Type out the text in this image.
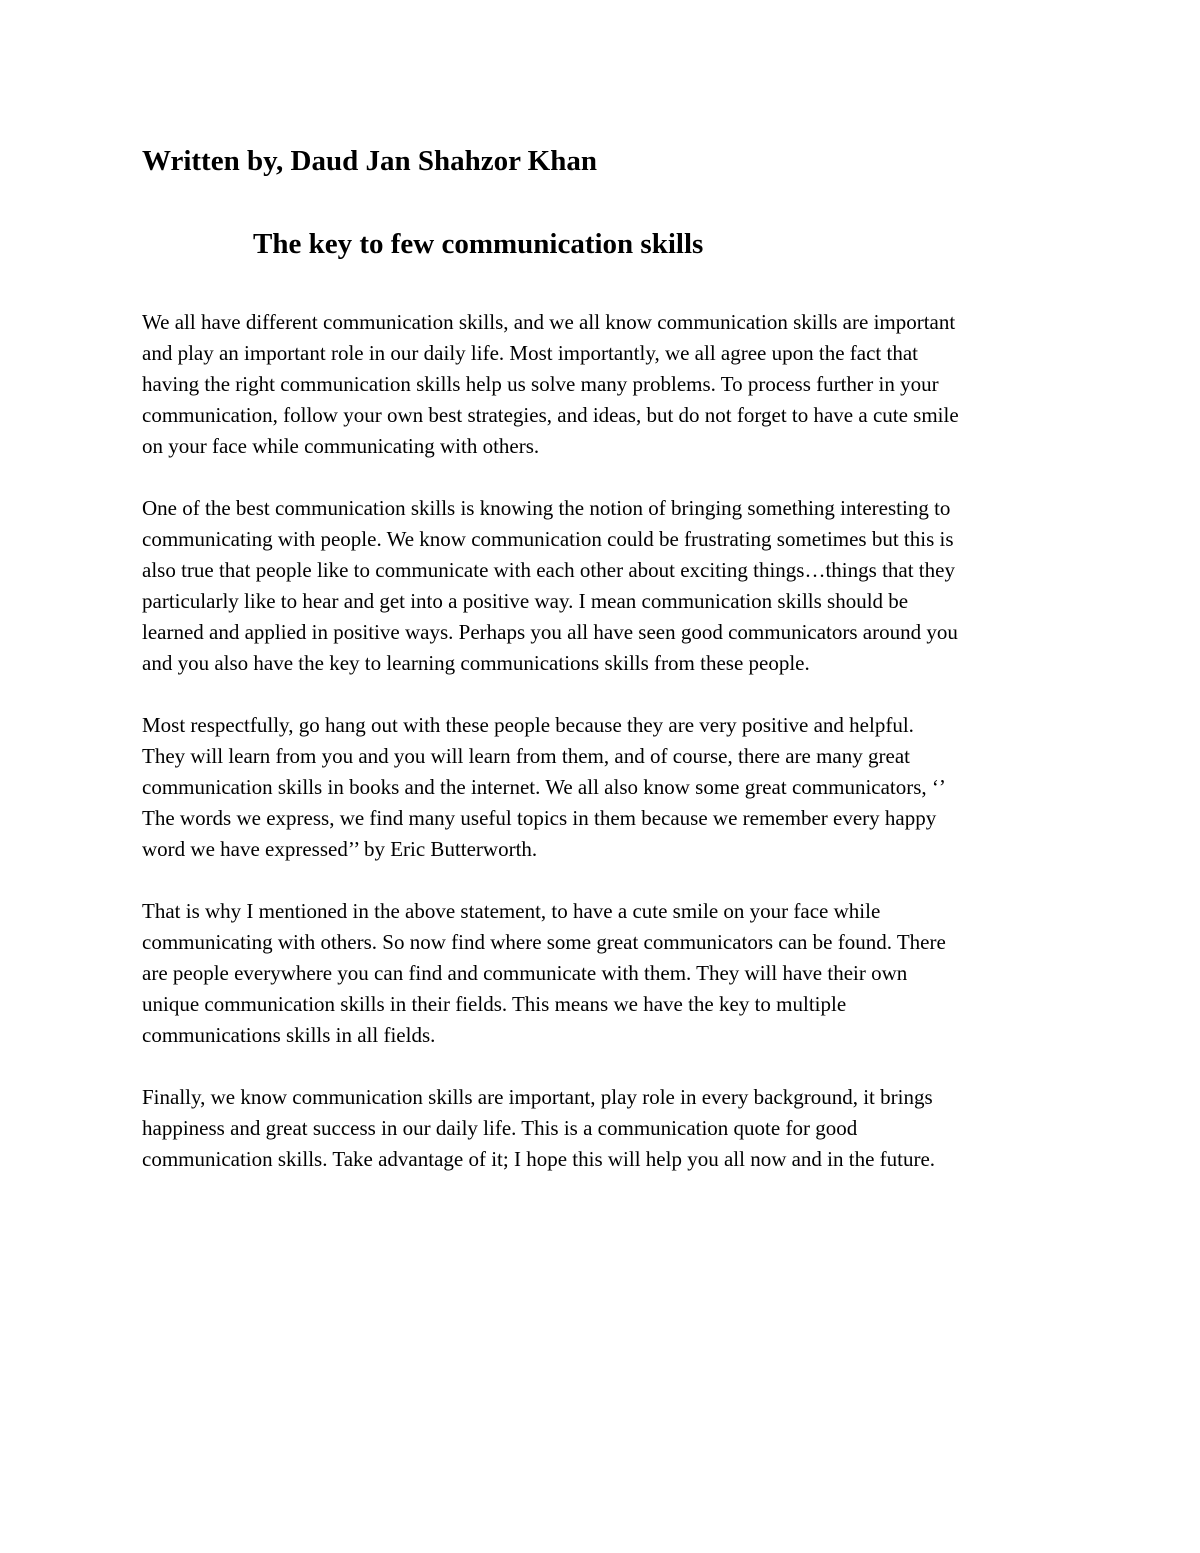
Written by, Daud Jan Shahzor Khan
The key to few communication skills

We all have different communication skills, and we all know communication skills are important
and play an important role in our daily life. Most importantly, we all agree upon the fact that
having the right communication skills help us solve many problems. To process further in your
communication, follow your own best strategies, and ideas, but do not forget to have a cute smile
on your face while communicating with others.

One of the best communication skills is knowing the notion of bringing something interesting to
communicating with people. We know communication could be frustrating sometimes but this is
also true that people like to communicate with each other about exciting things…things that they
particularly like to hear and get into a positive way. I mean communication skills should be
learned and applied in positive ways. Perhaps you all have seen good communicators around you
and you also have the key to learning communications skills from these people.

Most respectfully, go hang out with these people because they are very positive and helpful.
They will learn from you and you will learn from them, and of course, there are many great
communication skills in books and the internet. We all also know some great communicators, ‘’
The words we express, we find many useful topics in them because we remember every happy
word we have expressed’’ by Eric Butterworth.

That is why I mentioned in the above statement, to have a cute smile on your face while
communicating with others. So now find where some great communicators can be found. There
are people everywhere you can find and communicate with them. They will have their own
unique communication skills in their fields. This means we have the key to multiple
communications skills in all fields.

Finally, we know communication skills are important, play role in every background, it brings
happiness and great success in our daily life. This is a communication quote for good
communication skills. Take advantage of it; I hope this will help you all now and in the future.
